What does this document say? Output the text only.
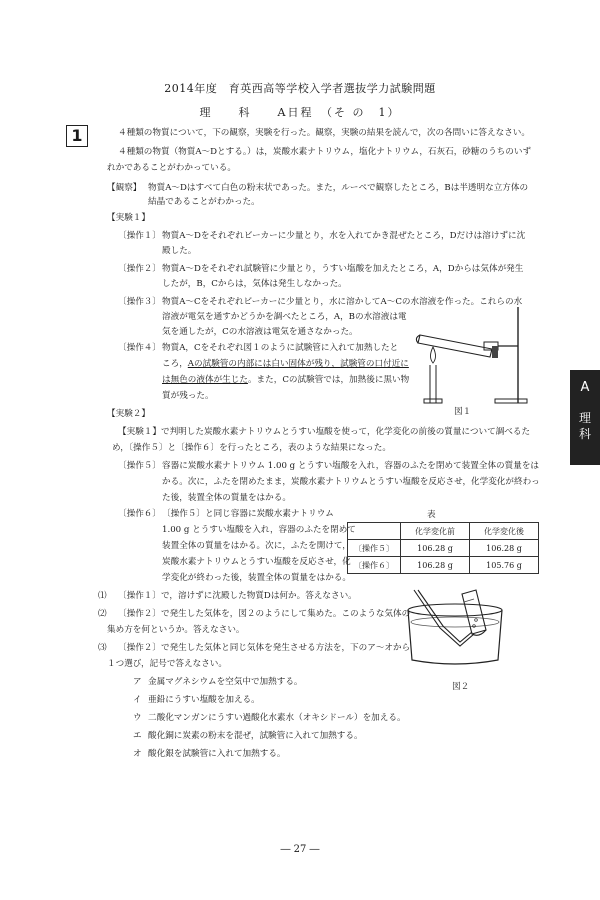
2014年度　育英西高等学校入学者選抜学力試験問題
理　　科　　A日程　（そ の　1）
1	４種類の物質について，下の観察，実験を行った。観察，実験の結果を読んで，次の各問いに答えなさい。
４種類の物質（物質A～Dとする。）は，炭酸水素ナトリウム，塩化ナトリウム，石灰石，砂糖のうちのいず
れかであることがわかっている。
【観察】 物質A～Dはすべて白色の粉末状であった。また，ルーペで観察したところ，Bは半透明な立方体の
結晶であることがわかった。
【実験１】
〔操作１〕 物質A～Dをそれぞれビーカーに少量とり，水を入れてかき混ぜたところ，Dだけは溶けずに沈
殿した。
〔操作２〕 物質A～Dをそれぞれ試験管に少量とり，うすい塩酸を加えたところ，A，Dからは気体が発生
したが，B，Cからは，気体は発生しなかった。
〔操作３〕 物質A～Cをそれぞれビーカーに少量とり，水に溶かしてA～Cの水溶液を作った。これらの水
溶液が電気を通すかどうかを調べたところ，A，Bの水溶液は電
気を通したが，Cの水溶液は電気を通さなかった。
〔操作４〕 物質A，Cをそれぞれ図１のように試験管に入れて加熱したと
ころ，Aの試験管の内部には白い固体が残り，試験管の口付近に
は無色の液体が生じた。また，Cの試験管では，加熱後に黒い物
質が残った。
図１
【実験２】
【実験１】で判明した炭酸水素ナトリウムとうすい塩酸を使って，化学変化の前後の質量について調べるた
め，〔操作５〕と〔操作６〕を行ったところ，表のような結果になった。
〔操作５〕 容器に炭酸水素ナトリウム 1.00 g とうすい塩酸を入れ，容器のふたを閉めて装置全体の質量をは
かる。次に，ふたを閉めたまま，炭酸水素ナトリウムとうすい塩酸を反応させ，化学変化が終わっ
た後，装置全体の質量をはかる。
〔操作６〕 〔操作５〕と同じ容器に炭酸水素ナトリウム
1.00 g とうすい塩酸を入れ，容器のふたを閉めて
装置全体の質量をはかる。次に，ふたを開けて，
炭酸水素ナトリウムとうすい塩酸を反応させ，化
学変化が終わった後，装置全体の質量をはかる。
表
	化学変化前	化学変化後
〔操作５〕	106.28 g	106.28 g
〔操作６〕	106.28 g	105.76 g
⑴ 〔操作１〕で，溶けずに沈殿した物質Dは何か。答えなさい。
⑵ 〔操作２〕で発生した気体を，図２のようにして集めた。このような気体の
集め方を何というか。答えなさい。
⑶ 〔操作２〕で発生した気体と同じ気体を発生させる方法を，下のア～オから
１つ選び，記号で答えなさい。
ア 金属マグネシウムを空気中で加熱する。
イ 亜鉛にうすい塩酸を加える。
ウ 二酸化マンガンにうすい過酸化水素水（オキシドール）を加える。
エ 酸化銅に炭素の粉末を混ぜ，試験管に入れて加熱する。
オ 酸化銀を試験管に入れて加熱する。
図２
A
理
科
― 27 ―
